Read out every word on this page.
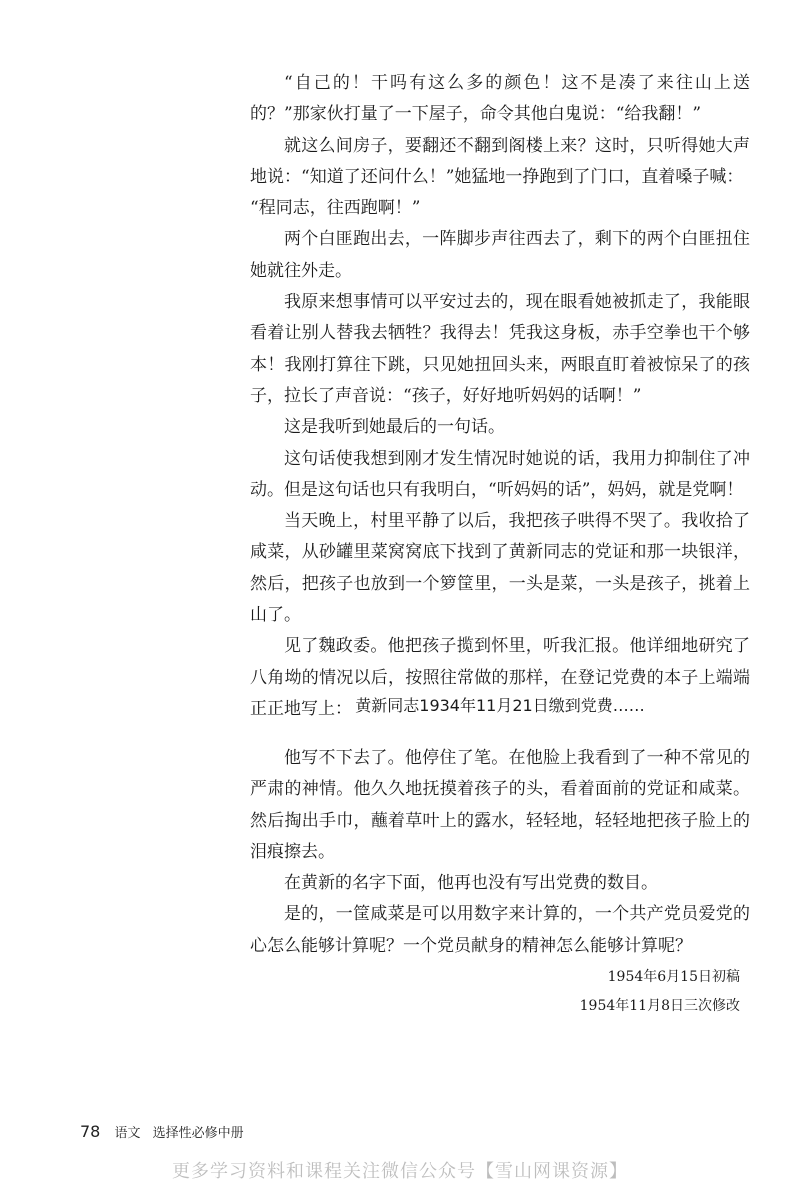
“自己的！干吗有这么多的颜色！这不是凑了来往山上送的？”那家伙打量了一下屋子，命令其他白鬼说：“给我翻！”

就这么间房子，要翻还不翻到阁楼上来？这时，只听得她大声地说：“知道了还问什么！”她猛地一挣跑到了门口，直着嗓子喊：

“程同志，往西跑啊！”

两个白匪跑出去，一阵脚步声往西去了，剩下的两个白匪扭住她就往外走。

我原来想事情可以平安过去的，现在眼看她被抓走了，我能眼看着让别人替我去牺牲？我得去！凭我这身板，赤手空拳也干个够本！我刚打算往下跳，只见她扭回头来，两眼直盯着被惊呆了的孩子，拉长了声音说：“孩子，好好地听妈妈的话啊！”

这是我听到她最后的一句话。

这句话使我想到刚才发生情况时她说的话，我用力抑制住了冲动。但是这句话也只有我明白，“听妈妈的话”，妈妈，就是党啊！

当天晚上，村里平静了以后，我把孩子哄得不哭了。我收拾了咸菜，从砂罐里菜窝窝底下找到了黄新同志的党证和那一块银洋，然后，把孩子也放到一个箩筐里，一头是菜，一头是孩子，挑着上山了。

见了魏政委。他把孩子揽到怀里，听我汇报。他详细地研究了八角坳的情况以后，按照往常做的那样，在登记党费的本子上端端正正地写上： 黄新同志1934年11月21日缴到党费……

他写不下去了。他停住了笔。在他脸上我看到了一种不常见的严肃的神情。他久久地抚摸着孩子的头，看着面前的党证和咸菜。然后掏出手巾，蘸着草叶上的露水，轻轻地，轻轻地把孩子脸上的泪痕擦去。

在黄新的名字下面，他再也没有写出党费的数目。

是的，一筐咸菜是可以用数字来计算的，一个共产党员爱党的心怎么能够计算呢？一个党员献身的精神怎么能够计算呢？

1954年6月15日初稿
1954年11月8日三次修改
78 语文 选择性必修中册
更多学习资料和课程关注微信公众号【雪山网课资源】
